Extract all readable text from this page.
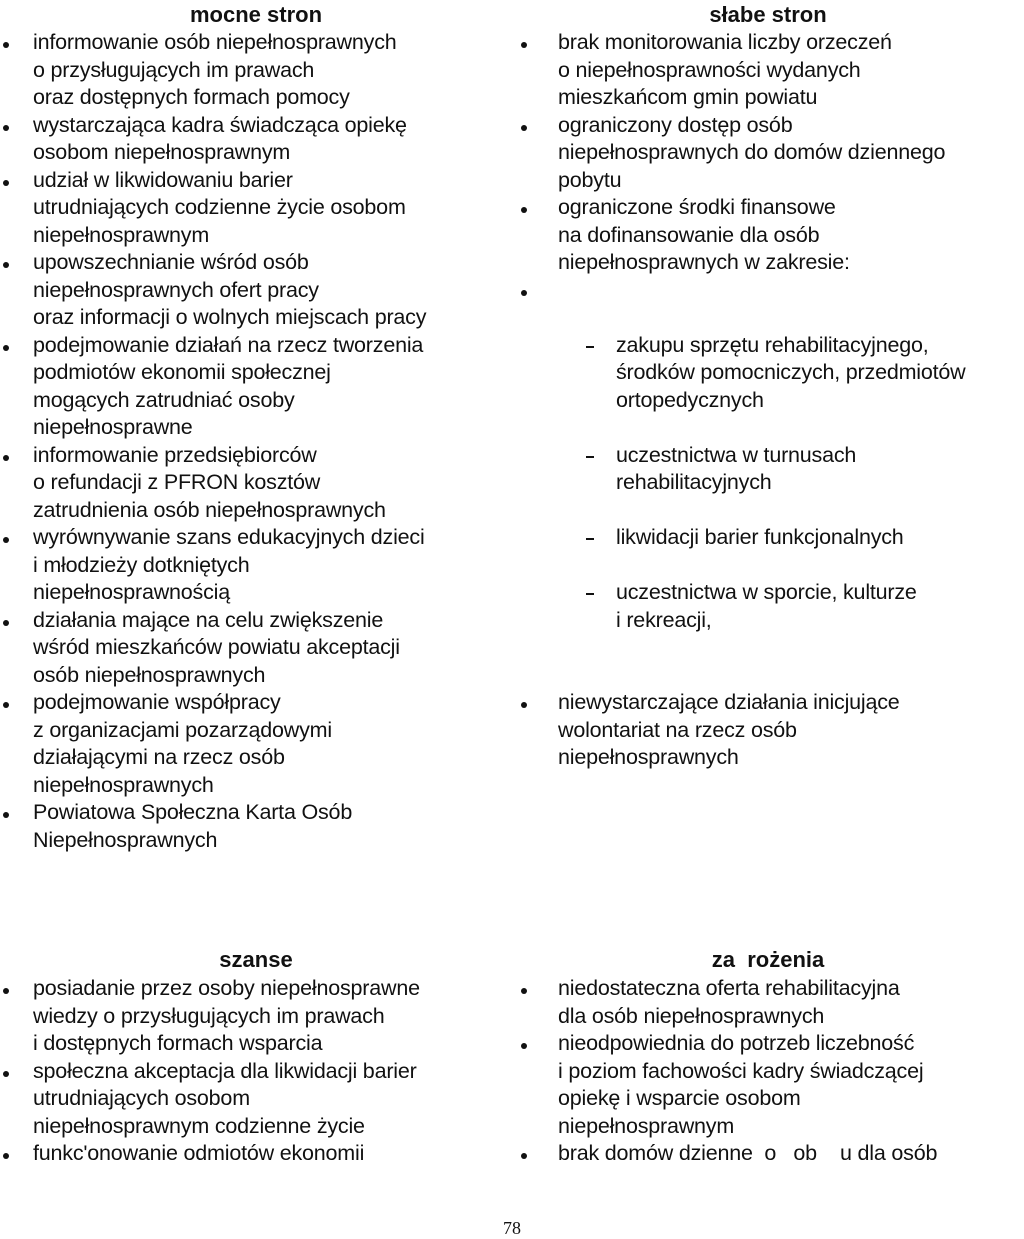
mocne stron
informowanie osób niepełnosprawnych
o przysługujących im prawach
oraz dostępnych formach pomocy
wystarczająca kadra świadcząca opiekę
osobom niepełnosprawnym
udział w likwidowaniu barier
utrudniających codzienne życie osobom
niepełnosprawnym
upowszechnianie wśród osób
niepełnosprawnych ofert pracy
oraz informacji o wolnych miejscach pracy
podejmowanie działań na rzecz tworzenia
podmiotów ekonomii społecznej
mogących zatrudniać osoby
niepełnosprawne
informowanie przedsiębiorców
o refundacji z PFRON kosztów
zatrudnienia osób niepełnosprawnych
wyrównywanie szans edukacyjnych dzieci
i młodzieży dotkniętych
niepełnosprawnością
działania mające na celu zwiększenie
wśród mieszkańców powiatu akceptacji
osób niepełnosprawnych
podejmowanie współpracy
z organizacjami pozarządowymi
działającymi na rzecz osób
niepełnosprawnych
Powiatowa Społeczna Karta Osób
Niepełnosprawnych
słabe stron
brak monitorowania liczby orzeczeń
o niepełnosprawności wydanych
mieszkańcom gmin powiatu
ograniczony dostęp osób
niepełnosprawnych do domów dziennego
pobytu
ograniczone środki finansowe
na dofinansowanie dla osób
niepełnosprawnych w zakresie:

zakupu sprzętu rehabilitacyjnego,
środków pomocniczych, przedmiotów
ortopedycznych

uczestnictwa w turnusach
rehabilitacyjnych

likwidacji barier funkcjonalnych

uczestnictwa w sporcie, kulturze
i rekreacji,

niewystarczające działania inicjujące
wolontariat na rzecz osób
niepełnosprawnych
szanse
posiadanie przez osoby niepełnosprawne
wiedzy o przysługujących im prawach
i dostępnych formach wsparcia
społeczna akceptacja dla likwidacji barier
utrudniających osobom
niepełnosprawnym codzienne życie
funkc'onowanie odmiotów ekonomii
za  rożenia
niedostateczna oferta rehabilitacyjna
dla osób niepełnosprawnych
nieodpowiednia do potrzeb liczebność
i poziom fachowości kadry świadczącej
opiekę i wsparcie osobom
niepełnosprawnym
brak domów dzienne  o   ob    u dla osób
78
